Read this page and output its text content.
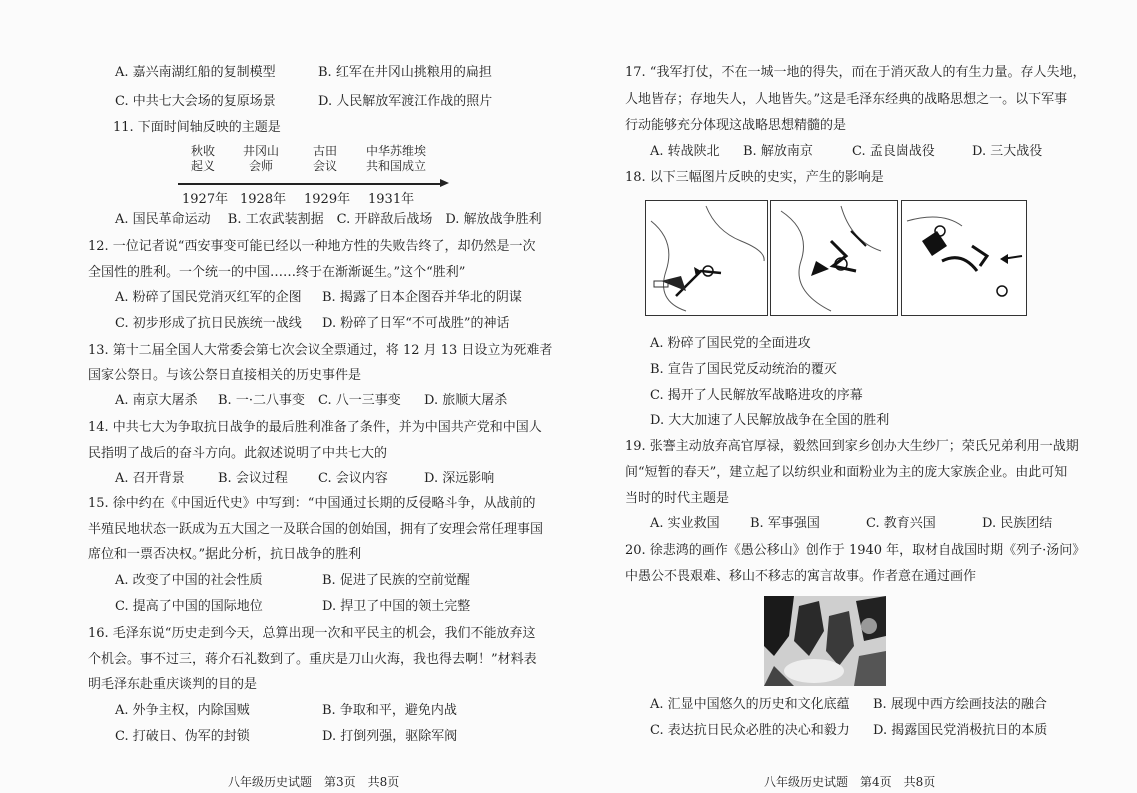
A. 嘉兴南湖红船的复制模型	B. 红军在井冈山挑粮用的扁担
C. 中共七大会场的复原场景	D. 人民解放军渡江作战的照片
11. 下面时间轴反映的主题是
秋收
起义
井冈山
会师
古田
会议
中华苏维埃
共和国成立
1927年 1928年 1929年 1931年
A. 国民革命运动　 B. 工农武装割据　C. 开辟敌后战场　D. 解放战争胜利
12. 一位记者说“西安事变可能已经以一种地方性的失败告终了，却仍然是一次
全国性的胜利。一个统一的中国……终于在渐渐诞生。”这个“胜利”
A. 粉碎了国民党消灭红军的企图 B. 揭露了日本企图吞并华北的阴谋
C. 初步形成了抗日民族统一战线 D. 粉碎了日军“不可战胜”的神话
13. 第十二届全国人大常委会第七次会议全票通过，将 12 月 13 日设立为死难者
国家公祭日。与该公祭日直接相关的历史事件是
A. 南京大屠杀 B. 一·二八事变 C. 八一三事变 D. 旅顺大屠杀
14. 中共七大为争取抗日战争的最后胜利准备了条件，并为中国共产党和中国人
民指明了战后的奋斗方向。此叙述说明了中共七大的
A. 召开背景	B. 会议过程 C. 会议内容	D. 深远影响
15. 徐中约在《中国近代史》中写到：“中国通过长期的反侵略斗争，从战前的
半殖民地状态一跃成为五大国之一及联合国的创始国，拥有了安理会常任理事国
席位和一票否决权。”据此分析，抗日战争的胜利
A. 改变了中国的社会性质	B. 促进了民族的空前觉醒
C. 提高了中国的国际地位	D. 捍卫了中国的领土完整
16. 毛泽东说“历史走到今天，总算出现一次和平民主的机会，我们不能放弃这
个机会。事不过三，蒋介石礼数到了。重庆是刀山火海，我也得去啊！”材料表
明毛泽东赴重庆谈判的目的是
A. 外争主权，内除国贼	B. 争取和平，避免内战
C. 打破日、伪军的封锁	D. 打倒列强，驱除军阀
八年级历史试题　第3页　共8页
17. “我军打仗，不在一城一地的得失，而在于消灭敌人的有生力量。存人失地，
人地皆存；存地失人，人地皆失。”这是毛泽东经典的战略思想之一。以下军事
行动能够充分体现这战略思想精髓的是
A. 转战陕北 B. 解放南京	C. 孟良崮战役	D. 三大战役
18. 以下三幅图片反映的史实，产生的影响是
A. 粉碎了国民党的全面进攻
B. 宣告了国民党反动统治的覆灭
C. 揭开了人民解放军战略进攻的序幕
D. 大大加速了人民解放战争在全国的胜利
19. 张謇主动放弃高官厚禄，毅然回到家乡创办大生纱厂；荣氏兄弟利用一战期
间“短暂的春天”，建立起了以纺织业和面粉业为主的庞大家族企业。由此可知
当时的时代主题是
A. 实业救国 B. 军事强国	C. 教育兴国	D. 民族团结
20. 徐悲鸿的画作《愚公移山》创作于 1940 年，取材自战国时期《列子·汤问》
中愚公不畏艰难、移山不移志的寓言故事。作者意在通过画作
A. 汇显中国悠久的历史和文化底蕴 B. 展现中西方绘画技法的融合
C. 表达抗日民众必胜的决心和毅力 D. 揭露国民党消极抗日的本质
八年级历史试题　第4页　共8页
